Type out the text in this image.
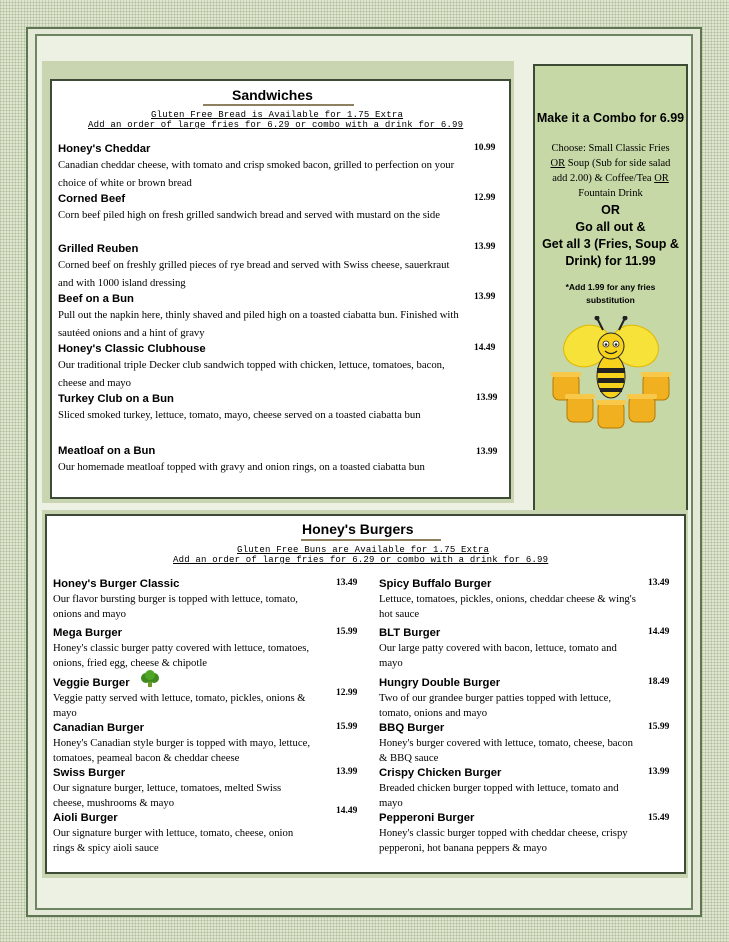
Sandwiches
Gluten Free Bread is Available for 1.75 Extra
Add an order of large fries for 6.29 or combo with a drink for 6.99
Honey's Cheddar
Canadian cheddar cheese, with tomato and crisp smoked bacon, grilled to perfection on your choice of white or brown bread
10.99
Corned Beef
Corn beef piled high on fresh grilled sandwich bread and served with mustard on the side
12.99
Grilled Reuben
Corned beef on freshly grilled pieces of rye bread and served with Swiss cheese, sauerkraut and with 1000 island dressing
13.99
Beef on a Bun
Pull out the napkin here, thinly shaved and piled high on a toasted ciabatta bun. Finished with sautéed onions and a hint of gravy
13.99
Honey's Classic Clubhouse
Our traditional triple Decker club sandwich topped with chicken, lettuce, tomatoes, bacon, cheese and mayo
14.49
Turkey Club on a Bun
Sliced smoked turkey, lettuce, tomato, mayo, cheese served on a toasted ciabatta bun
13.99
Meatloaf on a Bun
Our homemade meatloaf topped with gravy and onion rings, on a toasted ciabatta bun
13.99
Make it a Combo for 6.99
Choose: Small Classic Fries OR Soup (Sub for side salad add 2.00) & Coffee/Tea OR Fountain Drink
OR
Go all out &
Get all 3 (Fries, Soup & Drink) for 11.99
*Add 1.99 for any fries substitution
Honey's Burgers
Gluten Free Buns are Available for 1.75 Extra
Add an order of large fries for 6.29 or combo with a drink for 6.99
Honey's Burger Classic
Our flavor bursting burger is topped with lettuce, tomato, onions and mayo
13.49
Mega Burger
Honey's classic burger patty covered with lettuce, tomatoes, onions, fried egg, cheese & chipotle
15.99
Veggie Burger
Veggie patty served with lettuce, tomato, pickles, onions & mayo
12.99
Canadian Burger
Honey's Canadian style burger is topped with mayo, lettuce, tomatoes, peameal bacon & cheddar cheese
15.99
Swiss Burger
Our signature burger, lettuce, tomatoes, melted Swiss cheese, mushrooms & mayo
13.99
Aioli Burger
Our signature burger with lettuce, tomato, cheese, onion rings & spicy aioli sauce
14.49
Spicy Buffalo Burger
Lettuce, tomatoes, pickles, onions, cheddar cheese & wing's hot sauce
13.49
BLT Burger
Our large patty covered with bacon, lettuce, tomato and mayo
14.49
Hungry Double Burger
Two of our grandee burger patties topped with lettuce, tomato, onions and mayo
18.49
BBQ Burger
Honey's burger covered with lettuce, tomato, cheese, bacon & BBQ sauce
15.99
Crispy Chicken Burger
Breaded chicken burger topped with lettuce, tomato and mayo
13.99
Pepperoni Burger
Honey's classic burger topped with cheddar cheese, crispy pepperoni, hot banana peppers & mayo
15.49
